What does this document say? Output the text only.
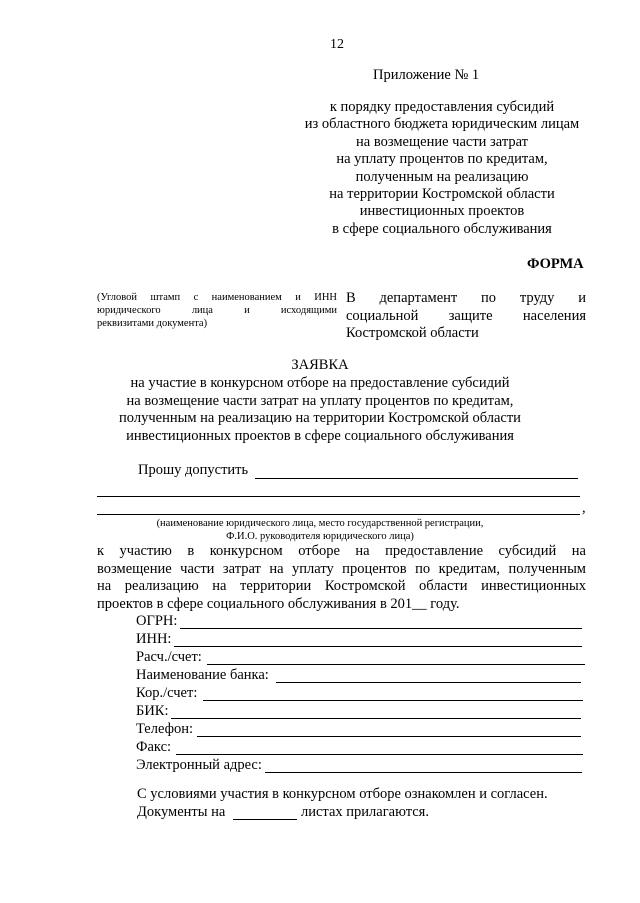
12
Приложение № 1
к порядку предоставления субсидий
из областного бюджета юридическим лицам
на возмещение части затрат
на уплату процентов по кредитам,
полученным на реализацию
на территории Костромской области
инвестиционных проектов
в сфере социального обслуживания
ФОРМА
(Угловой штамп с наименованием и ИНН
юридического лица и исходящими
реквизитами документа)
В департамент по труду и
социальной защите населения
Костромской области
ЗАЯВКА
на участие в конкурсном отборе на предоставление субсидий
на возмещение части затрат на уплату процентов по кредитам,
полученным на реализацию на территории Костромской области
инвестиционных проектов в сфере социального обслуживания
Прошу допустить
,
(наименование юридического лица, место государственной регистрации,
Ф.И.О. руководителя юридического лица)
к участию в конкурсном отборе на предоставление субсидий на
возмещение части затрат на уплату процентов по кредитам, полученным
на реализацию на территории Костромской области инвестиционных
проектов в сфере социального обслуживания в 201__ году.
ОГРН:
ИНН:
Расч./счет:
Наименование банка:
Кор./счет:
БИК:
Телефон:
Факс:
Электронный адрес:
С условиями участия в конкурсном отборе ознакомлен и согласен.
Документы на	листах прилагаются.
